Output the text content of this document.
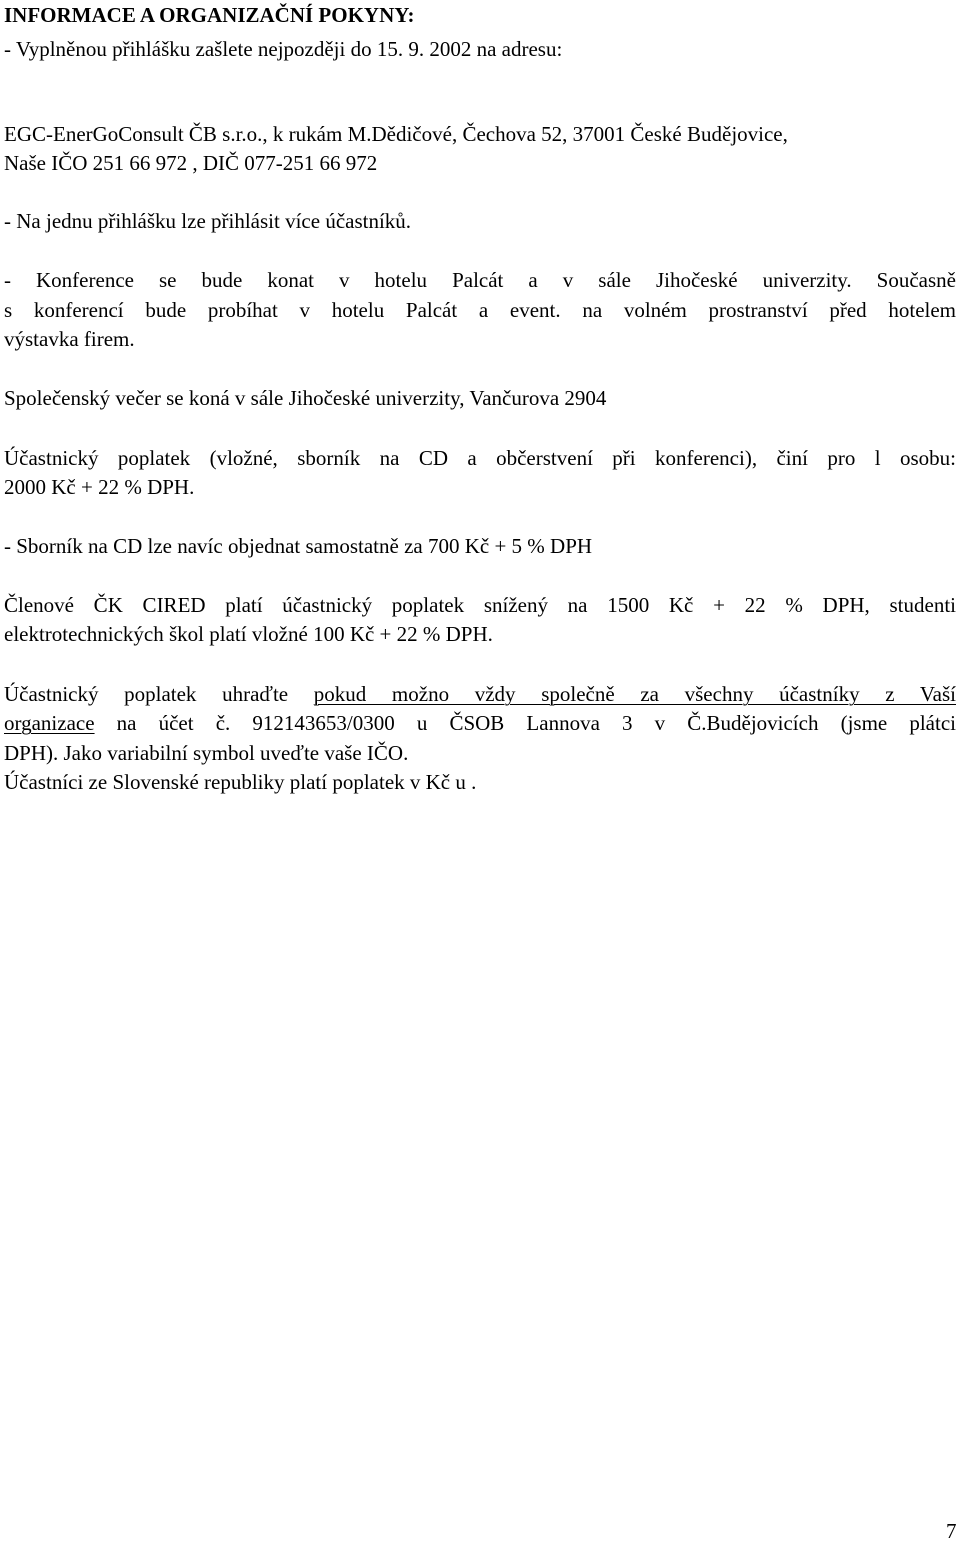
INFORMACE A ORGANIZAČNÍ POKYNY:
- Vyplněnou přihlášku zašlete nejpozději do 15. 9. 2002 na adresu:
EGC-EnerGoConsult ČB s.r.o., k rukám M.Dědičové, Čechova 52, 37001 České Budějovice,
Naše IČO 251 66 972 , DIČ 077-251 66 972
- Na jednu přihlášku lze přihlásit více účastníků.
- Konference se bude konat v hotelu Palcát a v sále Jihočeské univerzity. Současně
s konferencí bude probíhat v hotelu Palcát a event. na volném prostranství před hotelem
výstavka firem.
Společenský večer se koná v sále Jihočeské univerzity, Vančurova 2904
Účastnický poplatek (vložné, sborník na CD a občerstvení při konferenci), činí pro l osobu:
2000 Kč + 22 % DPH.
- Sborník na CD lze navíc objednat samostatně za 700 Kč + 5 % DPH
Členové ČK CIRED platí účastnický poplatek snížený na 1500 Kč + 22 % DPH, studenti
elektrotechnických škol platí vložné 100 Kč + 22 % DPH.
Účastnický poplatek uhraďte pokud možno vždy společně za všechny účastníky z Vaší
organizace na účet č. 912143653/0300 u ČSOB Lannova 3 v Č.Budějovicích (jsme plátci
DPH). Jako variabilní symbol uveďte vaše IČO.
Účastníci ze Slovenské republiky platí poplatek v Kč u .
7
